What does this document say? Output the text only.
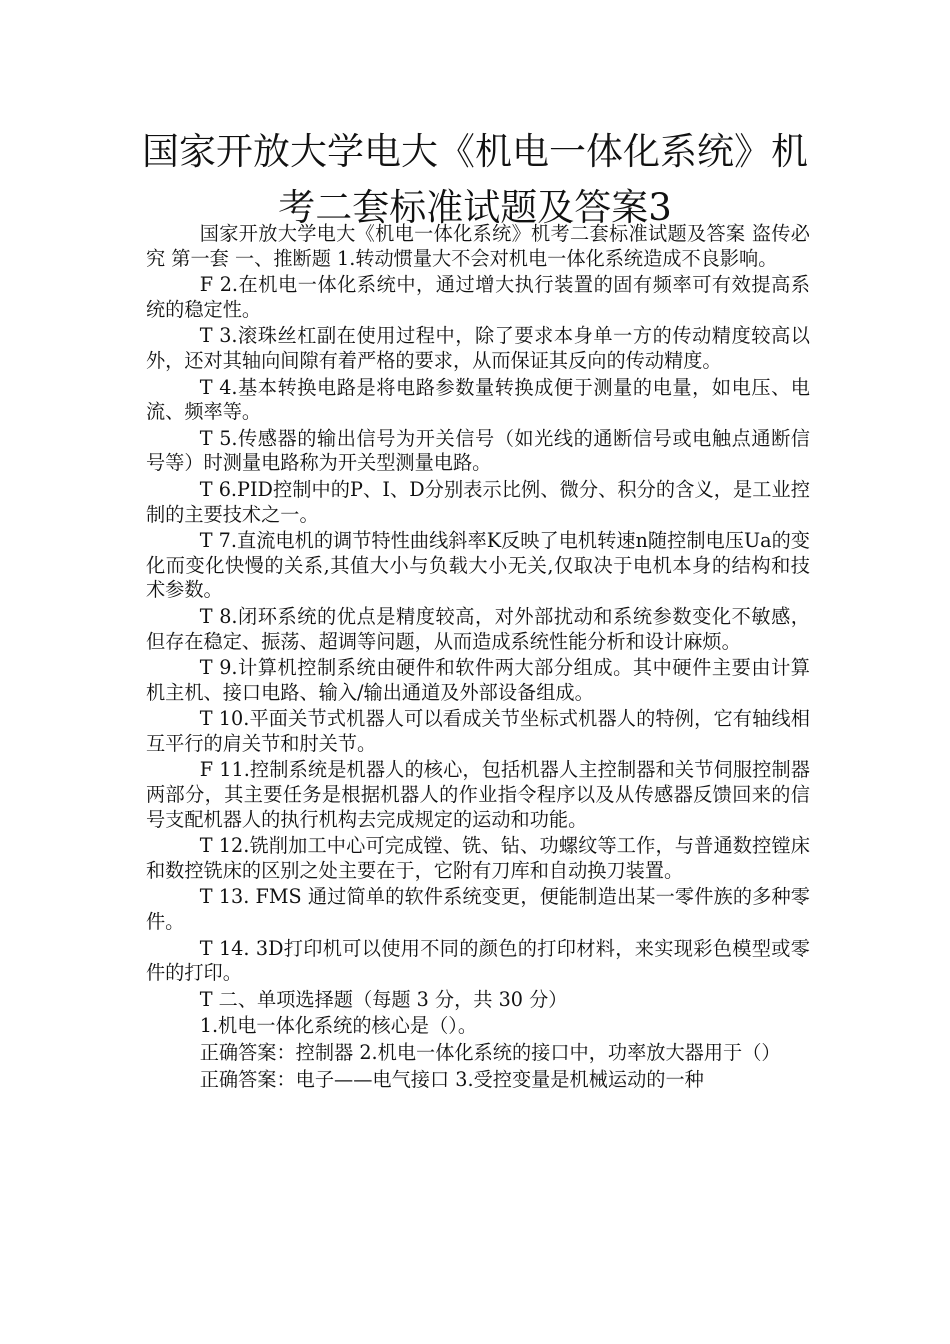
国家开放大学电大《机电一体化系统》机考二套标准试题及答案3

国家开放大学电大《机电一体化系统》机考二套标准试题及答案 盗传必究 第一套 一、推断题 1.转动惯量大不会对机电一体化系统造成不良影响。

F 2.在机电一体化系统中，通过增大执行装置的固有频率可有效提高系统的稳定性。

T 3.滚珠丝杠副在使用过程中，除了要求本身单一方的传动精度较高以外，还对其轴向间隙有着严格的要求，从而保证其反向的传动精度。

T 4.基本转换电路是将电路参数量转换成便于测量的电量，如电压、电流、频率等。

T 5.传感器的输出信号为开关信号（如光线的通断信号或电触点通断信号等）时测量电路称为开关型测量电路。

T 6.PID控制中的P、I、D分别表示比例、微分、积分的含义，是工业控制的主要技术之一。

T 7.直流电机的调节特性曲线斜率K反映了电机转速n随控制电压Ua的变化而变化快慢的关系,其值大小与负载大小无关,仅取决于电机本身的结构和技术参数。

T 8.闭环系统的优点是精度较高，对外部扰动和系统参数变化不敏感，但存在稳定、振荡、超调等问题，从而造成系统性能分析和设计麻烦。

T 9.计算机控制系统由硬件和软件两大部分组成。其中硬件主要由计算机主机、接口电路、输入/输出通道及外部设备组成。

T 10.平面关节式机器人可以看成关节坐标式机器人的特例，它有轴线相互平行的肩关节和肘关节。

F 11.控制系统是机器人的核心，包括机器人主控制器和关节伺服控制器两部分，其主要任务是根据机器人的作业指令程序以及从传感器反馈回来的信号支配机器人的执行机构去完成规定的运动和功能。

T 12.铣削加工中心可完成镗、铣、钻、功螺纹等工作，与普通数控镗床和数控铣床的区别之处主要在于，它附有刀库和自动换刀装置。

T 13. FMS 通过简单的软件系统变更，便能制造出某一零件族的多种零件。

T 14. 3D打印机可以使用不同的颜色的打印材料，来实现彩色模型或零件的打印。

T 二、单项选择题（每题 3 分，共 30 分）

1.机电一体化系统的核心是（）。

正确答案：控制器 2.机电一体化系统的接口中，功率放大器用于（）

正确答案：电子——电气接口 3.受控变量是机械运动的一种
